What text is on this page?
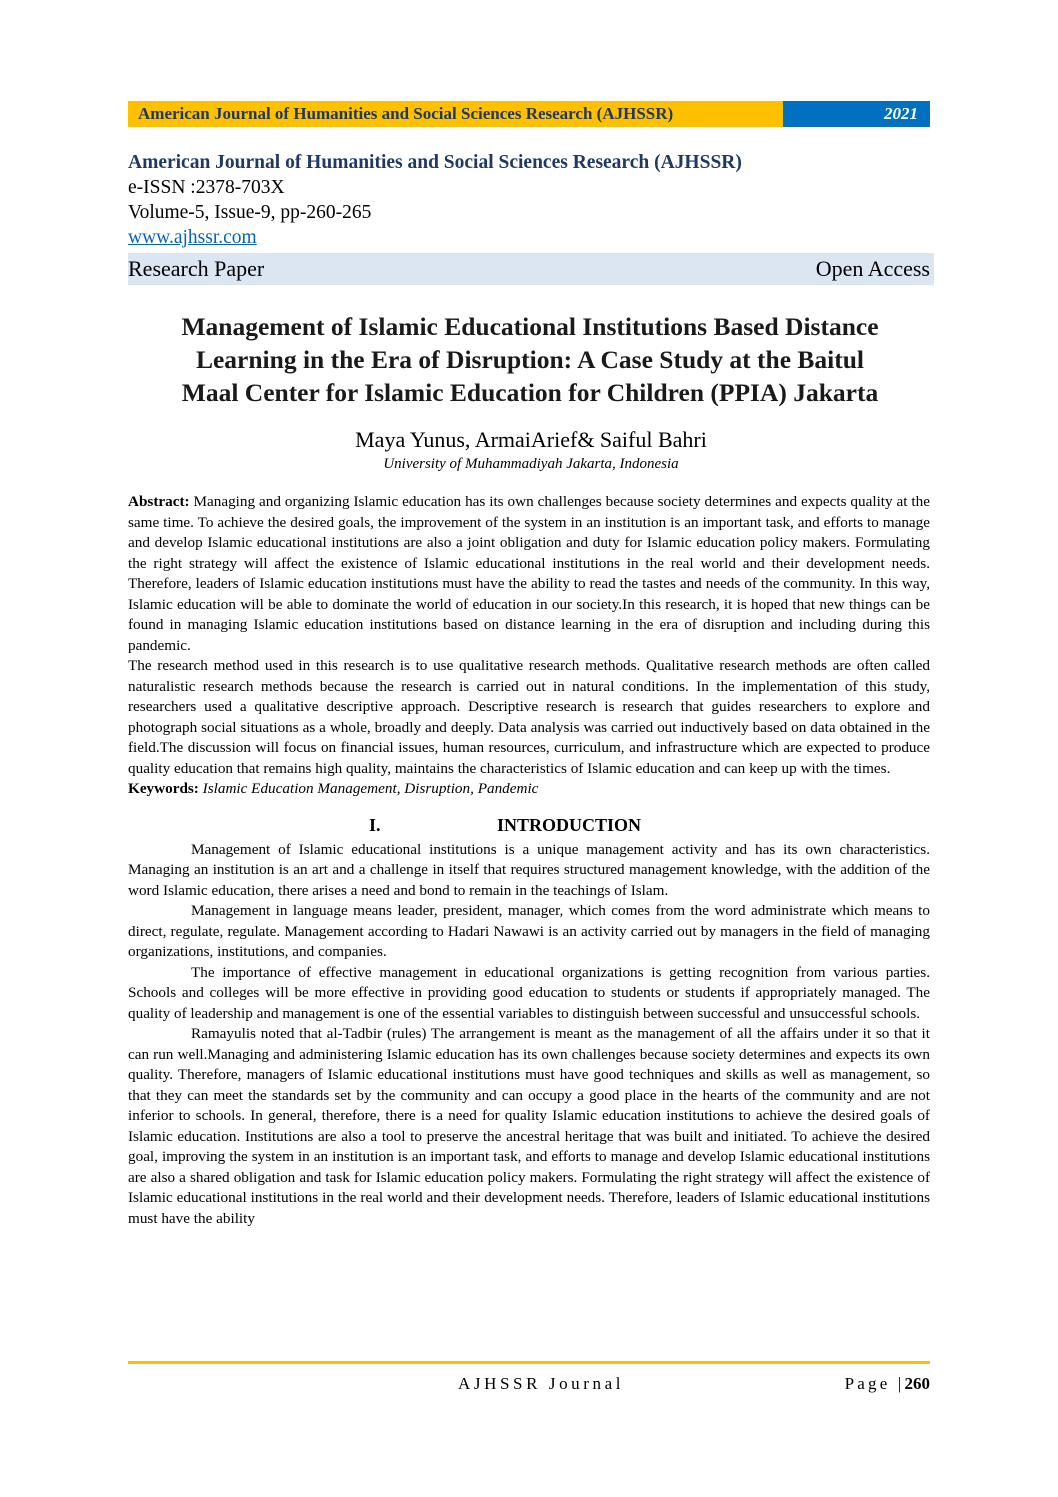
American Journal of Humanities and Social Sciences Research (AJHSSR)	2021
American Journal of Humanities and Social Sciences Research (AJHSSR)
e-ISSN :2378-703X
Volume-5, Issue-9, pp-260-265
www.ajhssr.com
Research Paper	Open Access
Management of Islamic Educational Institutions Based Distance
Learning in the Era of Disruption: A Case Study at the Baitul
Maal Center for Islamic Education for Children (PPIA) Jakarta
Maya Yunus, ArmaiArief& Saiful Bahri
University of Muhammadiyah Jakarta, Indonesia

Abstract: Managing and organizing Islamic education has its own challenges because society determines and expects quality at the same time. To achieve the desired goals, the improvement of the system in an institution is an important task, and efforts to manage and develop Islamic educational institutions are also a joint obligation and duty for Islamic education policy makers. Formulating the right strategy will affect the existence of Islamic educational institutions in the real world and their development needs. Therefore, leaders of Islamic education institutions must have the ability to read the tastes and needs of the community. In this way, Islamic education will be able to dominate the world of education in our society.In this research, it is hoped that new things can be found in managing Islamic education institutions based on distance learning in the era of disruption and including during this pandemic.

The research method used in this research is to use qualitative research methods. Qualitative research methods are often called naturalistic research methods because the research is carried out in natural conditions. In the implementation of this study, researchers used a qualitative descriptive approach. Descriptive research is research that guides researchers to explore and photograph social situations as a whole, broadly and deeply. Data analysis was carried out inductively based on data obtained in the field.The discussion will focus on financial issues, human resources, curriculum, and infrastructure which are expected to produce quality education that remains high quality, maintains the characteristics of Islamic education and can keep up with the times.

Keywords: Islamic Education Management, Disruption, Pandemic

I.	INTRODUCTION

Management of Islamic educational institutions is a unique management activity and has its own characteristics. Managing an institution is an art and a challenge in itself that requires structured management knowledge, with the addition of the word Islamic education, there arises a need and bond to remain in the teachings of Islam.

Management in language means leader, president, manager, which comes from the word administrate which means to direct, regulate, regulate. Management according to Hadari Nawawi is an activity carried out by managers in the field of managing organizations, institutions, and companies.

The importance of effective management in educational organizations is getting recognition from various parties. Schools and colleges will be more effective in providing good education to students or students if appropriately managed. The quality of leadership and management is one of the essential variables to distinguish between successful and unsuccessful schools.

Ramayulis noted that al-Tadbir (rules) The arrangement is meant as the management of all the affairs under it so that it can run well.Managing and administering Islamic education has its own challenges because society determines and expects its own quality. Therefore, managers of Islamic educational institutions must have good techniques and skills as well as management, so that they can meet the standards set by the community and can occupy a good place in the hearts of the community and are not inferior to schools. In general, therefore, there is a need for quality Islamic education institutions to achieve the desired goals of Islamic education. Institutions are also a tool to preserve the ancestral heritage that was built and initiated. To achieve the desired goal, improving the system in an institution is an important task, and efforts to manage and develop Islamic educational institutions are also a shared obligation and task for Islamic education policy makers. Formulating the right strategy will affect the existence of Islamic educational institutions in the real world and their development needs. Therefore, leaders of Islamic educational institutions must have the ability

AJHSSR Journal	Page |260
